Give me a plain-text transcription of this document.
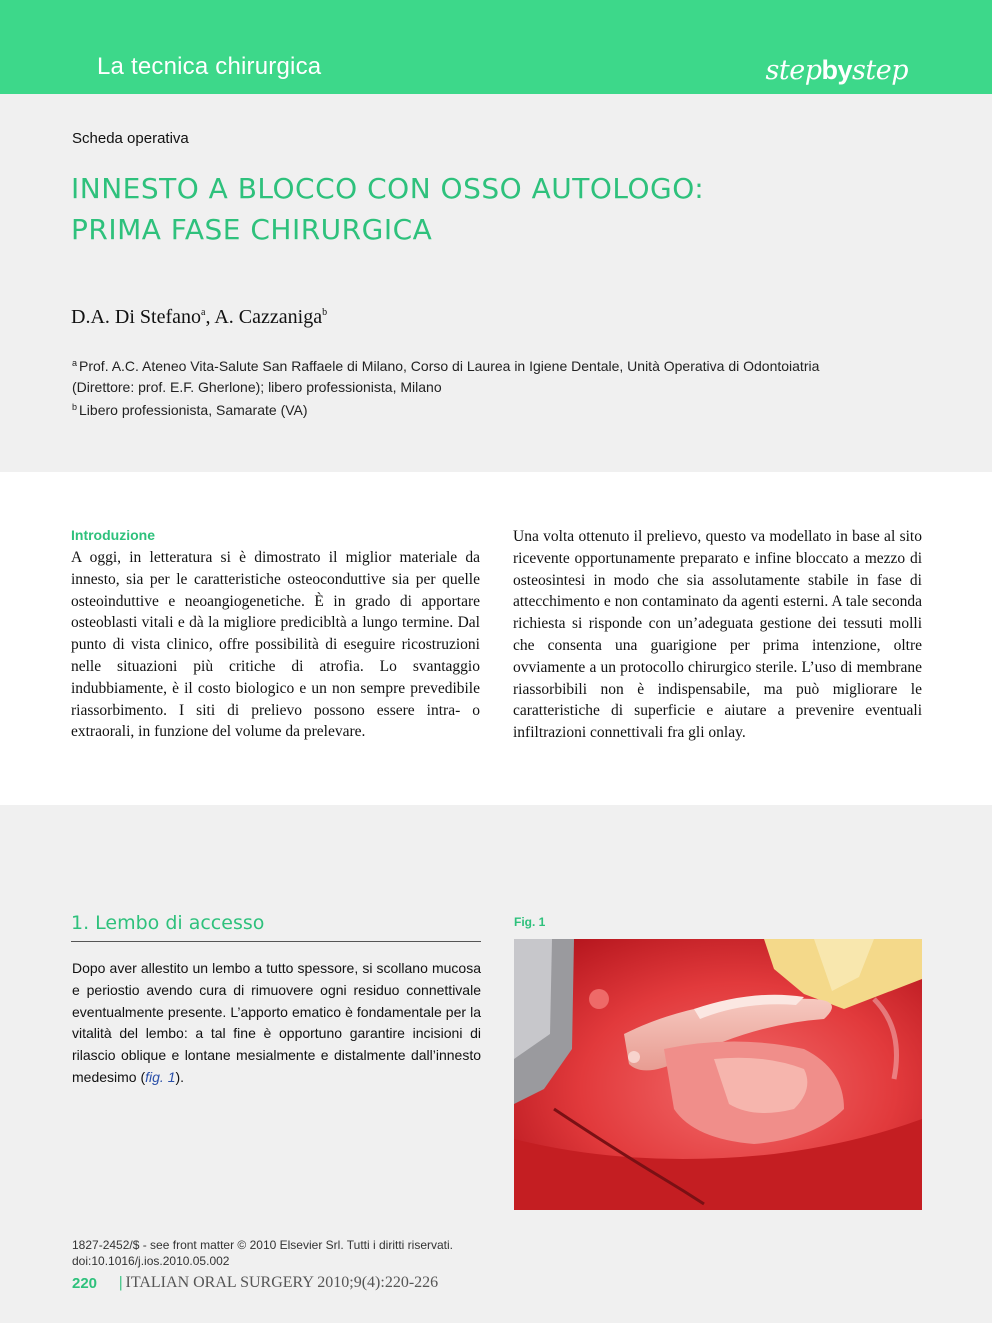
La tecnica chirurgica	stepbystep
Scheda operativa
INNESTO A BLOCCO CON OSSO AUTOLOGO:
PRIMA FASE CHIRURGICA
D.A. Di Stefano$^a$, A. Cazzaniga$^b$
$^a$ Prof. A.C. Ateneo Vita-Salute San Raffaele di Milano, Corso di Laurea in Igiene Dentale, Unità Operativa di Odontoiatria
(Direttore: prof. E.F. Gherlone); libero professionista, Milano
$^b$ Libero professionista, Samarate (VA)
Introduzione
A oggi, in letteratura si è dimostrato il miglior materiale da innesto, sia per le caratteristiche osteoconduttive sia per quelle osteoinduttive e neoangiogenetiche. È in grado di apportare osteoblasti vitali e dà la migliore predicibltà a lungo termine. Dal punto di vista clinico, offre possibilità di eseguire ricostruzioni nelle situazioni più critiche di atrofia. Lo svantaggio indubbiamente, è il costo biologico e un non sempre prevedibile riassorbimento. I siti di prelievo possono essere intra- o extraorali, in funzione del volume da prelevare.
Una volta ottenuto il prelievo, questo va modellato in base al sito ricevente opportunamente preparato e infine bloccato a mezzo di osteosintesi in modo che sia assolutamente stabile in fase di attecchimento e non contaminato da agenti esterni. A tale seconda richiesta si risponde con un’adeguata gestione dei tessuti molli che consenta una guarigione per prima intenzione, oltre ovviamente a un protocollo chirurgico sterile. L’uso di membrane riassorbibili non è indispensabile, ma può migliorare le caratteristiche di superficie e aiutare a prevenire eventuali infiltrazioni connettivali fra gli onlay.
1. Lembo di accesso
Dopo aver allestito un lembo a tutto spessore, si scollano mucosa e periostio avendo cura di rimuovere ogni residuo connettivale eventualmente presente. L’apporto ematico è fondamentale per la vitalità del lembo: a tal fine è opportuno garantire incisioni di rilascio oblique e lontane mesialmente e distalmente dall’innesto medesimo (fig. 1).
Fig. 1
1827-2452/$ - see front matter © 2010 Elsevier Srl. Tutti i diritti riservati.
doi:10.1016/j.ios.2010.05.002
220 | ITALIAN ORAL SURGERY 2010;9(4):220-226
